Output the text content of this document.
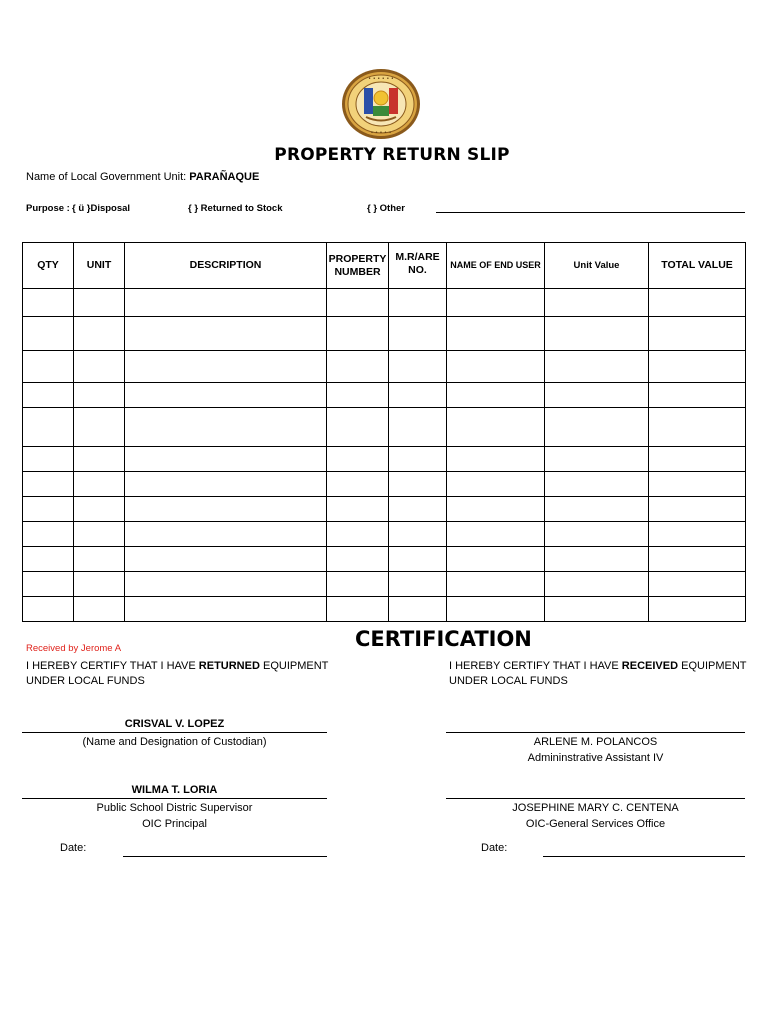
• • • • • •
• • • • •
PROPERTY RETURN SLIP
Name of Local Government Unit: PARAÑAQUE
Purpose : { ü }Disposal	{ } Returned to Stock	{ } Other
QTY	UNIT	DESCRIPTION	PROPERTY NUMBER	M.R/ARE NO.	NAME OF END USER	Unit Value	TOTAL VALUE

Received by Jerome A	CERTIFICATION
I HEREBY CERTIFY THAT I HAVE RETURNED EQUIPMENT
UNDER LOCAL FUNDS
I HEREBY CERTIFY THAT I HAVE RECEIVED EQUIPMENT
UNDER LOCAL FUNDS
CRISVAL V. LOPEZ
(Name and Designation of Custodian)
WILMA T. LORIA
Public School Distric Supervisor
OIC Principal
Date:
ARLENE M. POLANCOS
Admininstrative Assistant IV
JOSEPHINE MARY C. CENTENA
OIC-General Services Office
Date:
